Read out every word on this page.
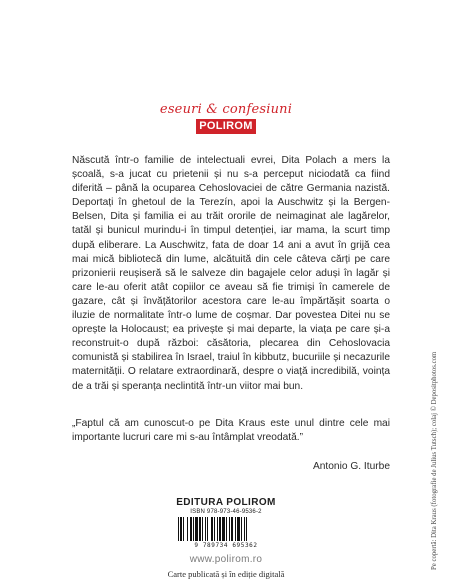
eseuri & confesiuni
POLIROM

Născută într-o familie de intelectuali evrei, Dita Polach a mers la școală, s-a jucat cu prietenii și nu s-a perceput niciodată ca fiind diferită – până la ocuparea Cehoslovaciei de către Germania nazistă. Deportați în ghetoul de la Terezín, apoi la Auschwitz și la Bergen-Belsen, Dita și familia ei au trăit ororile de neimaginat ale lagărelor, tatăl și bunicul murindu-i în timpul detenției, iar mama, la scurt timp după eliberare. La Auschwitz, fata de doar 14 ani a avut în grijă cea mai mică bibliotecă din lume, alcătuită din cele câteva cărți pe care prizonierii reușiseră să le salveze din bagajele celor aduși în lagăr și care le-au oferit atât copiilor ce aveau să fie trimiși în camerele de gazare, cât și învățătorilor acestora care le-au împărtășit soarta o iluzie de normalitate într-o lume de coșmar. Dar povestea Ditei nu se oprește la Holocaust; ea privește și mai departe, la viața pe care și-a reconstruit-o după război: căsătoria, plecarea din Cehoslovacia comunistă și stabilirea în Israel, traiul în kibbutz, bucuriile și necazurile maternității. O relatare extraordinară, despre o viață incredibilă, voința de a trăi și speranța neclintită într-un viitor mai bun.

„Faptul că am cunoscut-o pe Dita Kraus este unul dintre cele mai importante lucruri care mi s-au întâmplat vreodată.”

Antonio G. Iturbe
EDITURA POLIROM
ISBN 978-973-46-9536-2
9 789734 695362
www.polirom.ro
Carte publicată și în ediție digitală
Pe copertă: Dita Kraus (fotografie de Julius Tutsch); colaj © Depositphotos.com
